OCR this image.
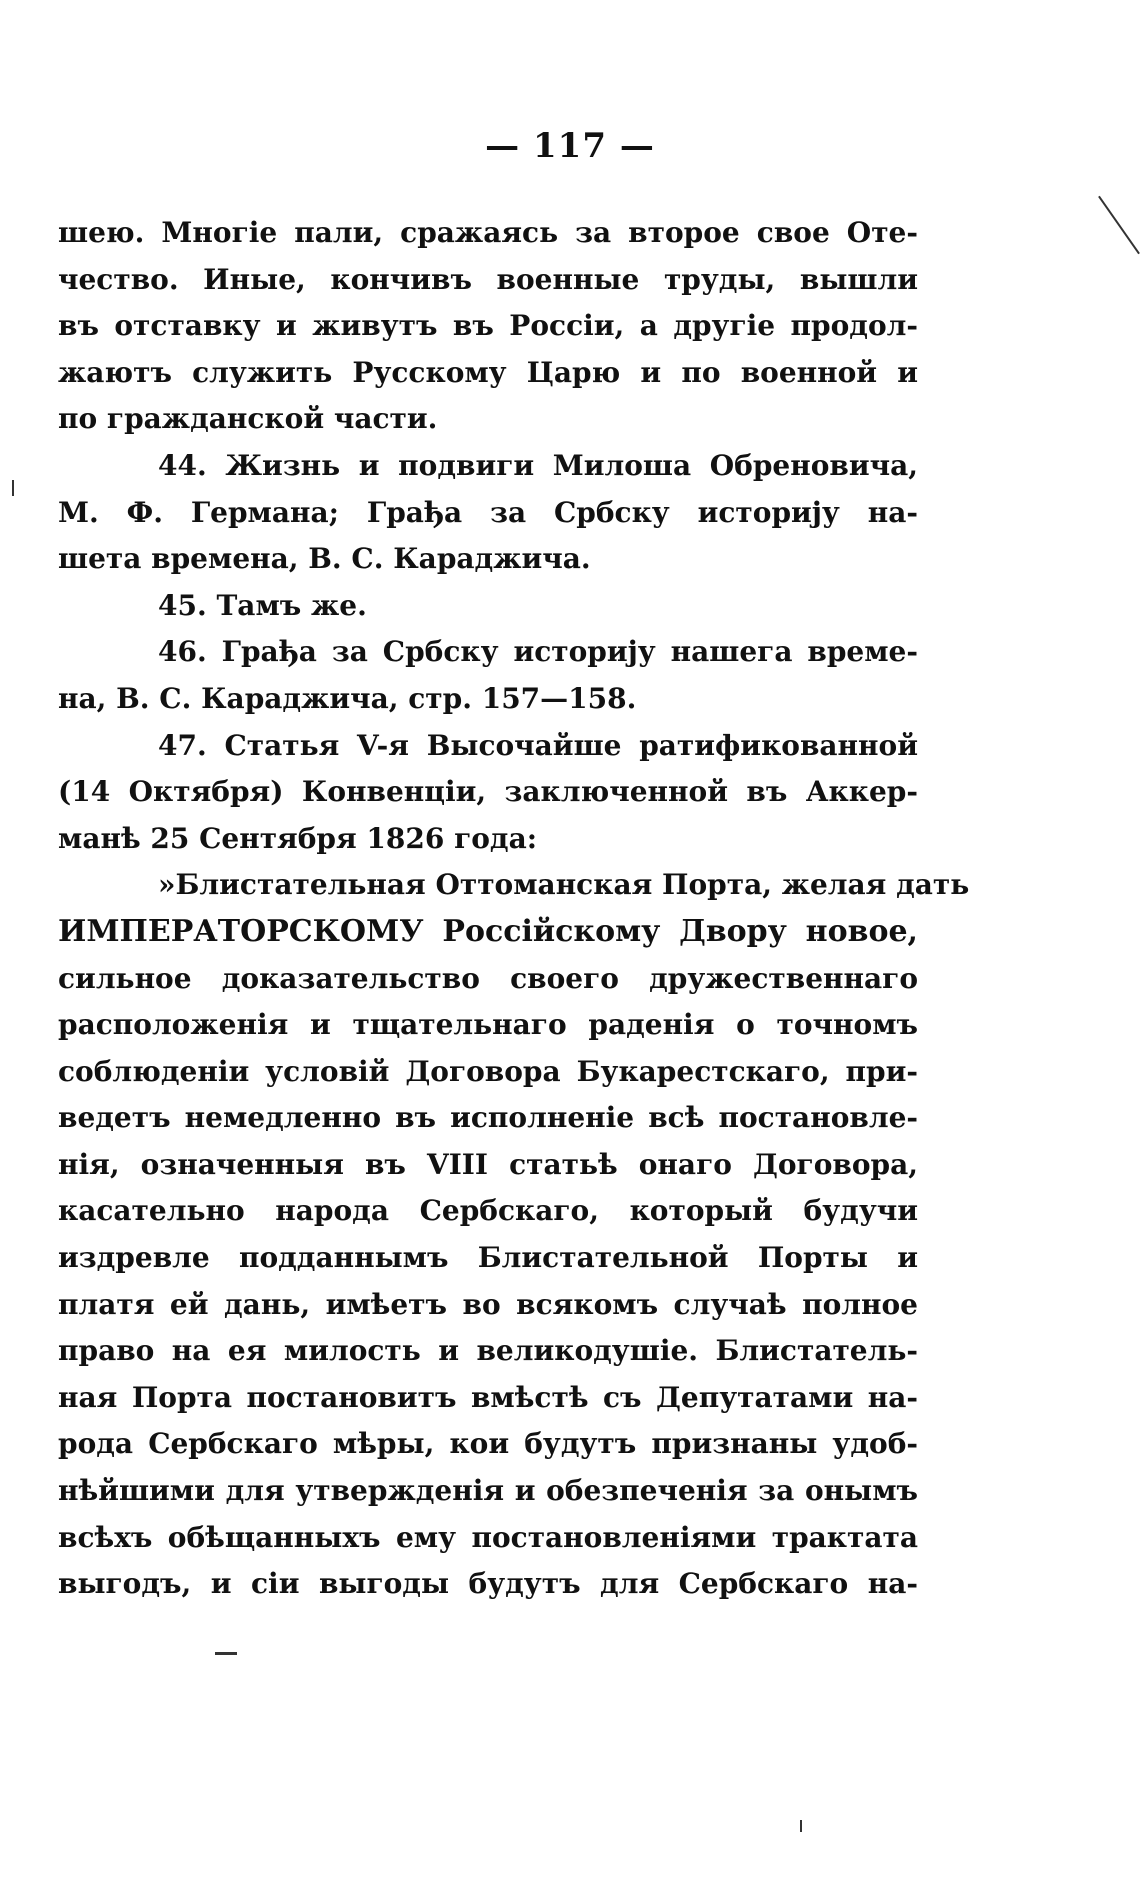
— 117 —
шею. Многіе пали, сражаясь за второе свое Оте-
чество. Иные, кончивъ военные труды, вышли
въ отставку и живутъ въ Россіи, а другіе продол-
жаютъ служить Русскому Царю и по военной и
по гражданской части.
44. Жизнь и подвиги Милоша Обреновича,
М. Ф. Германа; Грађа за Србску историју на-
шета времена, В. С. Караджича.
45. Тамъ же.
46. Грађа за Србску историју нашега време-
на, В. С. Караджича, стр. 157—158.
47. Статья V-я Высочайше ратификованной
(14 Октября) Конвенціи, заключенной въ Аккер-
манѣ 25 Сентября 1826 года:
»Блистательная Оттоманская Порта, желая дать
ИМПЕРАТОРСКОМУ Россійскому Двору новое,
сильное доказательство своего дружественнаго
расположенія и тщательнаго раденія о точномъ
соблюденіи условій Договора Букарестскаго, при-
ведетъ немедленно въ исполненіе всѣ постановле-
нія, означенныя въ VIII статьѣ онаго Договора,
касательно народа Сербскаго, который будучи
издревле подданнымъ Блистательной Порты и
платя ей дань, имѣетъ во всякомъ случаѣ полное
право на ея милость и великодушіе. Блистатель-
ная Порта постановитъ вмѣстѣ съ Депутатами на-
рода Сербскаго мѣры, кои будутъ признаны удоб-
нѣйшими для утвержденія и обезпеченія за онымъ
всѣхъ обѣщанныхъ ему постановленіями трактата
выгодъ, и сіи выгоды будутъ для Сербскаго на-
